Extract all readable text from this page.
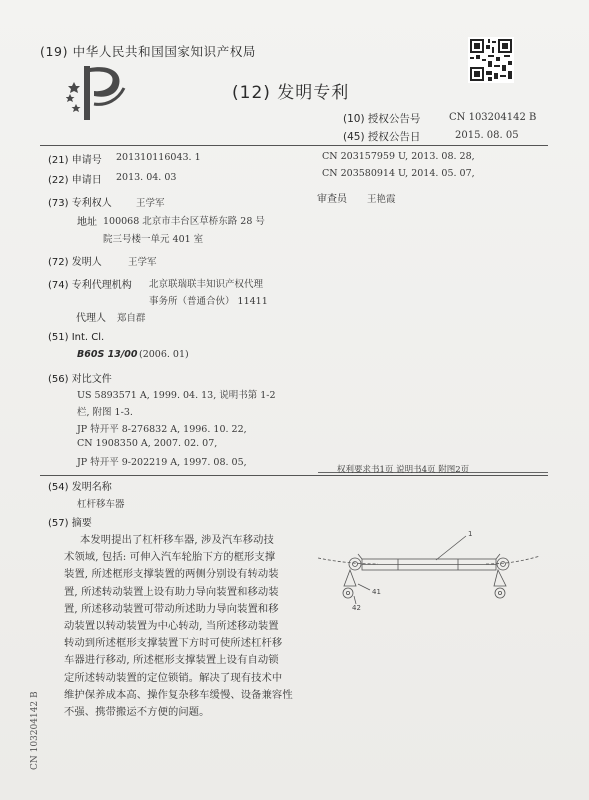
(19) 中华人民共和国国家知识产权局
(12) 发明专利
(10) 授权公告号	CN 103204142 B
(45) 授权公告日	2015. 08. 05
(21) 申请号 201310116043. 1
(22) 申请日 2013. 04. 03
(73) 专利权人	王学军
地址 100068 北京市丰台区草桥东路 28 号
院三号楼一单元 401 室
(72) 发明人	王学军
(74) 专利代理机构 北京联瑞联丰知识产权代理
事务所（普通合伙） 11411
代理人 郑自群
(51) Int. Cl.
B60S 13/00 (2006. 01)
(56) 对比文件
US 5893571 A, 1999. 04. 13, 说明书第 1-2
栏, 附图 1-3.
JP 特开平 8-276832 A, 1996. 10. 22,
CN 1908350 A, 2007. 02. 07,
JP 特开平 9-202219 A, 1997. 08. 05,
CN 203157959 U, 2013. 08. 28,
CN 203580914 U, 2014. 05. 07,
审查员 王艳霞
权利要求书1页 说明书4页 附图2页
(54) 发明名称
杠杆移车器
(57) 摘要
本发明提出了杠杆移车器, 涉及汽车移动技
术领域, 包括: 可伸入汽车轮胎下方的框形支撑
装置, 所述框形支撑装置的两侧分别设有转动装
置, 所述转动装置上设有助力导向装置和移动装
置, 所述移动装置可带动所述助力导向装置和移
动装置以转动装置为中心转动, 当所述移动装置
转动到所述框形支撑装置下方时可使所述杠杆移
车器进行移动, 所述框形支撑装置上设有自动锁
定所述转动装置的定位锁销。解决了现有技术中
维护保养成本高、操作复杂移车缓慢、设备兼容性
不强、携带搬运不方便的问题。
1
41
42
CN 103204142 B
